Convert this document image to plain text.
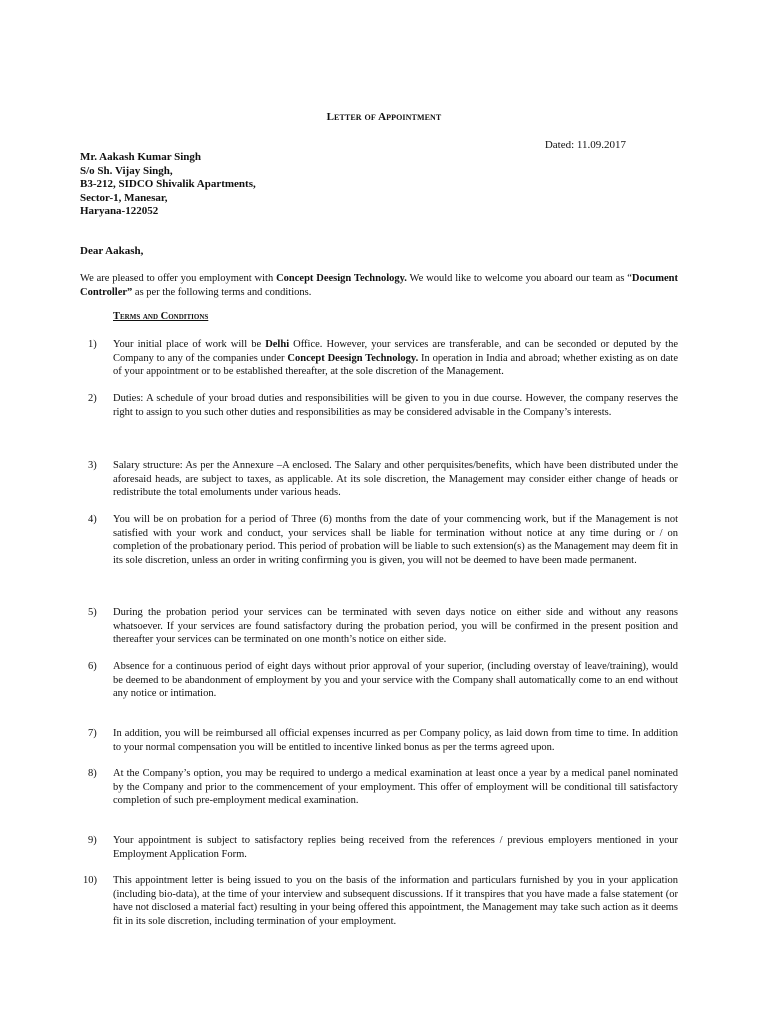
Letter of Appointment
Dated: 11.09.2017
Mr. Aakash Kumar Singh
S/o Sh. Vijay Singh,
B3-212, SIDCO Shivalik Apartments,
Sector-1, Manesar,
Haryana-122052
Dear Aakash,
We are pleased to offer you employment with Concept Deesign Technology. We would like to welcome you aboard our team as “Document Controller” as per the following terms and conditions.
Terms and Conditions
1) Your initial place of work will be Delhi Office. However, your services are transferable, and can be seconded or deputed by the Company to any of the companies under Concept Deesign Technology. In operation in India and abroad; whether existing as on date of your appointment or to be established thereafter, at the sole discretion of the Management.
2) Duties: A schedule of your broad duties and responsibilities will be given to you in due course. However, the company reserves the right to assign to you such other duties and responsibilities as may be considered advisable in the Company’s interests.
3) Salary structure: As per the Annexure –A enclosed. The Salary and other perquisites/benefits, which have been distributed under the aforesaid heads, are subject to taxes, as applicable. At its sole discretion, the Management may consider either change of heads or redistribute the total emoluments under various heads.
4) You will be on probation for a period of Three (6) months from the date of your commencing work, but if the Management is not satisfied with your work and conduct, your services shall be liable for termination without notice at any time during or / on completion of the probationary period. This period of probation will be liable to such extension(s) as the Management may deem fit in its sole discretion, unless an order in writing confirming you is given, you will not be deemed to have been made permanent.
5) During the probation period your services can be terminated with seven days notice on either side and without any reasons whatsoever. If your services are found satisfactory during the probation period, you will be confirmed in the present position and thereafter your services can be terminated on one month’s notice on either side.
6) Absence for a continuous period of eight days without prior approval of your superior, (including overstay of leave/training), would be deemed to be abandonment of employment by you and your service with the Company shall automatically come to an end without any notice or intimation.
7) In addition, you will be reimbursed all official expenses incurred as per Company policy, as laid down from time to time. In addition to your normal compensation you will be entitled to incentive linked bonus as per the terms agreed upon.
8) At the Company’s option, you may be required to undergo a medical examination at least once a year by a medical panel nominated by the Company and prior to the commencement of your employment. This offer of employment will be conditional till satisfactory completion of such pre-employment medical examination.
9) Your appointment is subject to satisfactory replies being received from the references / previous employers mentioned in your Employment Application Form.
10) This appointment letter is being issued to you on the basis of the information and particulars furnished by you in your application (including bio-data), at the time of your interview and subsequent discussions. If it transpires that you have made a false statement (or have not disclosed a material fact) resulting in your being offered this appointment, the Management may take such action as it deems fit in its sole discretion, including termination of your employment.
